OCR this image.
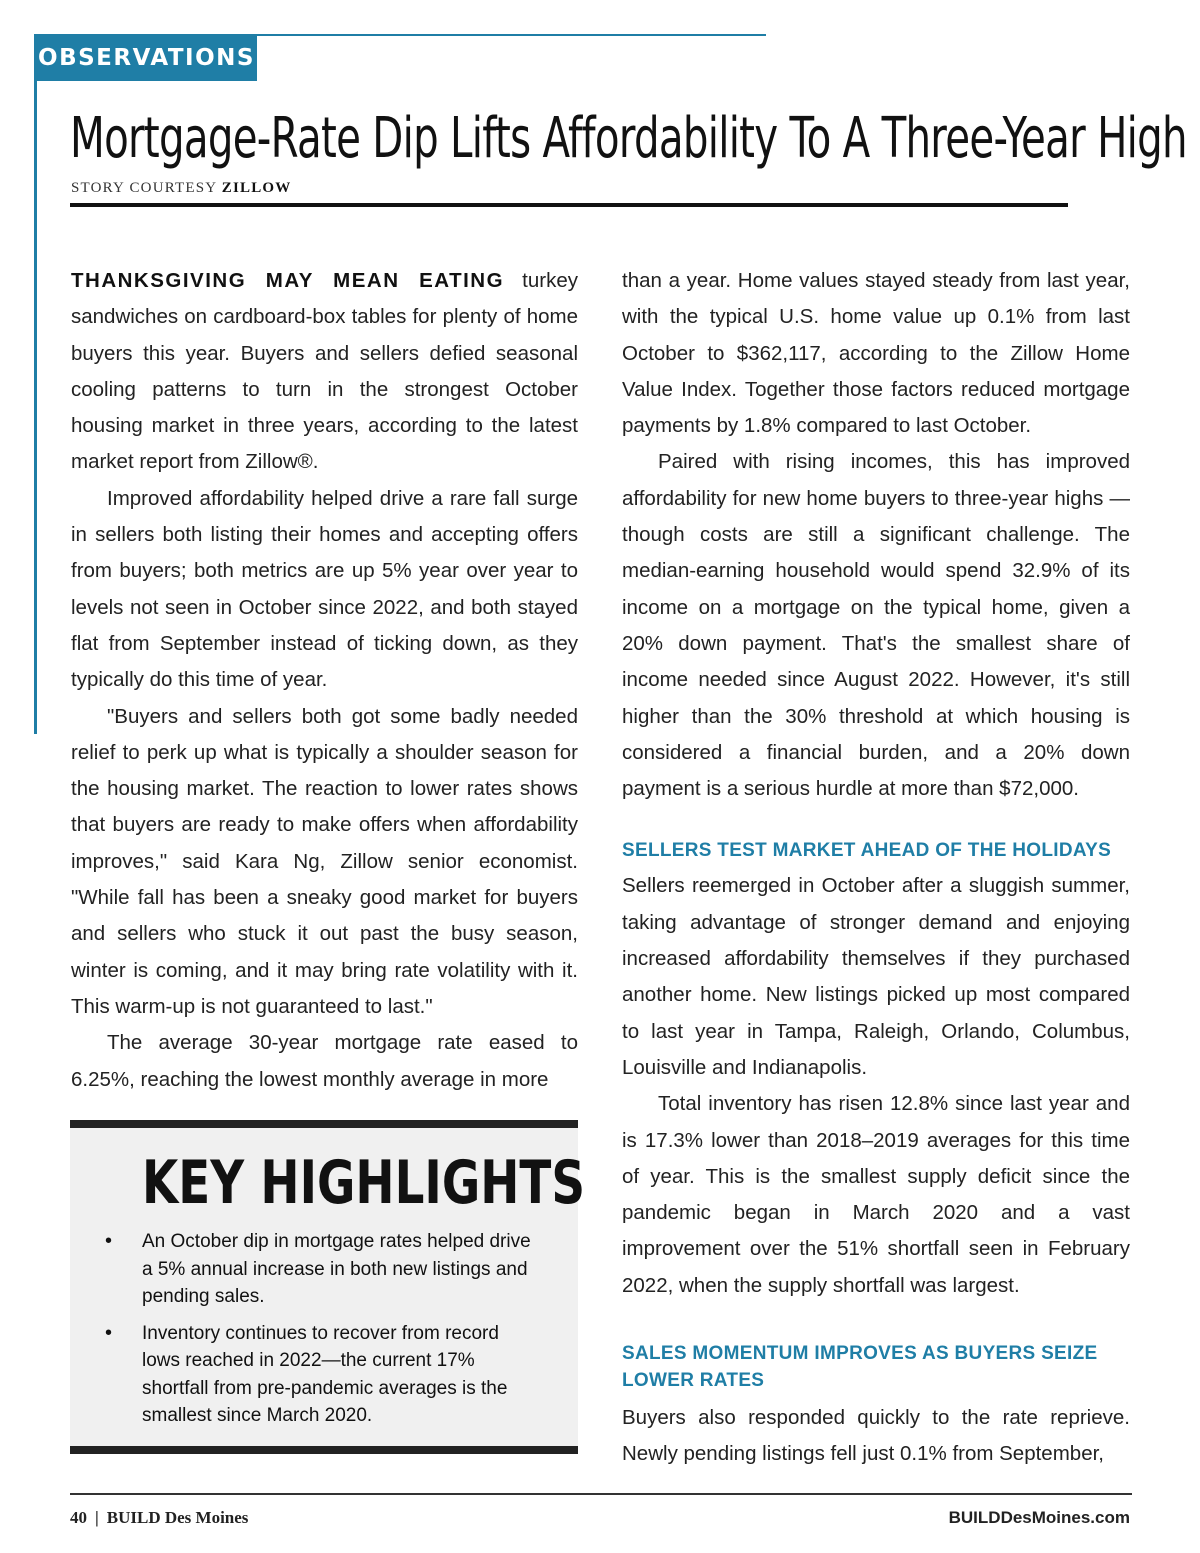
OBSERVATIONS
Mortgage-Rate Dip Lifts Affordability To A Three-Year High
STORY COURTESY ZILLOW

THANKSGIVING MAY MEAN EATING turkey sandwiches on cardboard-box tables for plenty of home buyers this year. Buyers and sellers defied seasonal cooling patterns to turn in the strongest October housing market in three years, according to the latest market report from Zillow®.

Improved affordability helped drive a rare fall surge in sellers both listing their homes and accepting offers from buyers; both metrics are up 5% year over year to levels not seen in October since 2022, and both stayed flat from September instead of ticking down, as they typically do this time of year.

"Buyers and sellers both got some badly needed relief to perk up what is typically a shoulder season for the housing market. The reaction to lower rates shows that buyers are ready to make offers when affordability improves," said Kara Ng, Zillow senior economist. "While fall has been a sneaky good market for buyers and sellers who stuck it out past the busy season, winter is coming, and it may bring rate volatility with it. This warm-up is not guaranteed to last."

The average 30-year mortgage rate eased to 6.25%, reaching the lowest monthly average in more

KEY HIGHLIGHTS
• An October dip in mortgage rates helped drive a 5% annual increase in both new listings and pending sales.
• Inventory continues to recover from record lows reached in 2022—the current 17% shortfall from pre-pandemic averages is the smallest since March 2020.

than a year. Home values stayed steady from last year, with the typical U.S. home value up 0.1% from last October to $362,117, according to the Zillow Home Value Index. Together those factors reduced mortgage payments by 1.8% compared to last October.

Paired with rising incomes, this has improved affordability for new home buyers to three-year highs —though costs are still a significant challenge. The median-earning household would spend 32.9% of its income on a mortgage on the typical home, given a 20% down payment. That's the smallest share of income needed since August 2022. However, it's still higher than the 30% threshold at which housing is considered a financial burden, and a 20% down payment is a serious hurdle at more than $72,000.

SELLERS TEST MARKET AHEAD OF THE HOLIDAYS

Sellers reemerged in October after a sluggish summer, taking advantage of stronger demand and enjoying increased affordability themselves if they purchased another home. New listings picked up most compared to last year in Tampa, Raleigh, Orlando, Columbus, Louisville and Indianapolis.

Total inventory has risen 12.8% since last year and is 17.3% lower than 2018–2019 averages for this time of year. This is the smallest supply deficit since the pandemic began in March 2020 and a vast improvement over the 51% shortfall seen in February 2022, when the supply shortfall was largest.

SALES MOMENTUM IMPROVES AS BUYERS SEIZE LOWER RATES

Buyers also responded quickly to the rate reprieve. Newly pending listings fell just 0.1% from September,

40 | BUILD Des Moines	BUILDDesMoines.com
